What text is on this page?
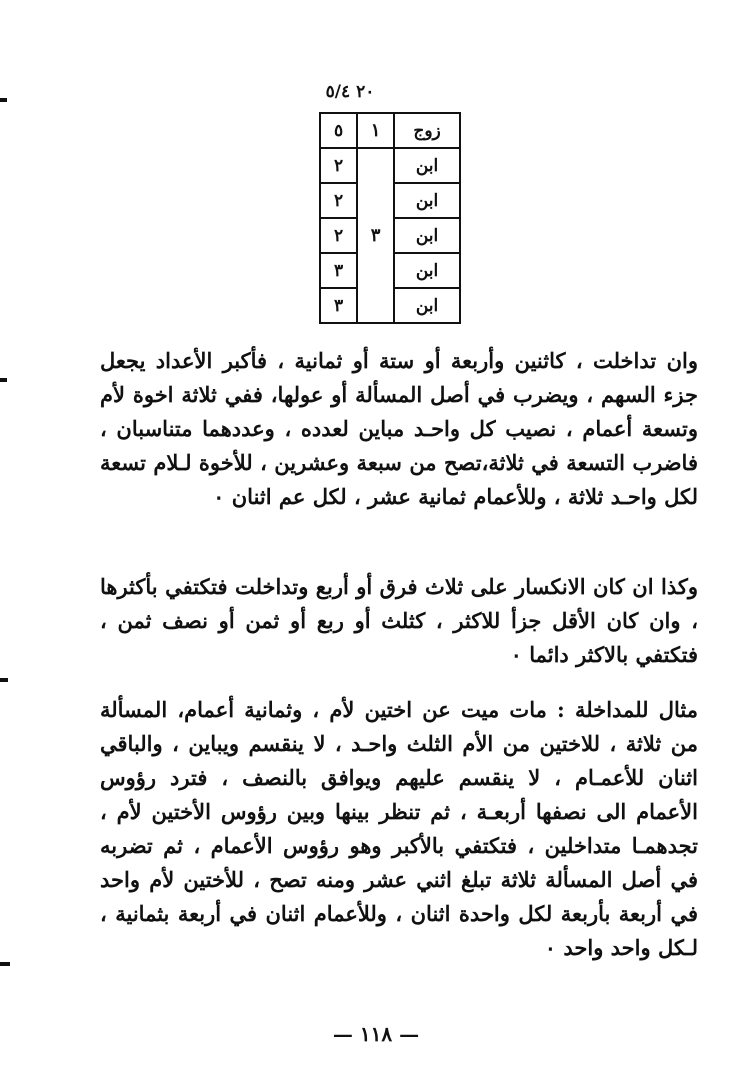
٢٠ ٥/٤
زوج	١	٥
ابن	٣	٢
ابن		٢
ابن		٢
ابن		٣
ابن		٣

وان تداخلت ، كاثنين وأربعة أو ستة أو ثمانية ، فأكبر الأعداد يجعل جزء السهم ، ويضرب في أصل المسألة أو عولها، ففي ثلاثة اخوة لأم وتسعة أعمام ، نصيب كل واحـد مباين لعدده ، وعددهما متناسبان ، فاضرب التسعة في ثلاثة،تصح من سبعة وعشرين ، للأخوة لـلام تسعة لكل واحـد ثلاثة ، وللأعمام ثمانية عشر ، لكل عم اثنان ٠

وكذا ان كان الانكسار على ثلاث فرق أو أربع وتداخلت فتكتفي بأكثرها ، وان كان الأقل جزأ للاكثر ، كثلث أو ربع أو ثمن أو نصف ثمن ، فتكتفي بالاكثر دائما ٠

مثال للمداخلة : مات ميت عن اختين لأم ، وثمانية أعمام، المسألة من ثلاثة ، للاختين من الأم الثلث واحـد ، لا ينقسم ويباين ، والباقي اثنان للأعمـام ، لا ينقسم عليهم ويوافق بالنصف ، فترد رؤوس الأعمام الى نصفها أربعـة ، ثم تنظر بينها وبين رؤوس الأختين لأم ، تجدهمـا متداخلين ، فتكتفي بالأكبر وهو رؤوس الأعمام ، ثم تضربه في أصل المسألة ثلاثة تبلغ اثني عشر ومنه تصح ، للأختين لأم واحد في أربعة بأربعة لكل واحدة اثنان ، وللأعمام اثنان في أربعة بثمانية ، لـكل واحد واحد ٠

— ١١٨ —
